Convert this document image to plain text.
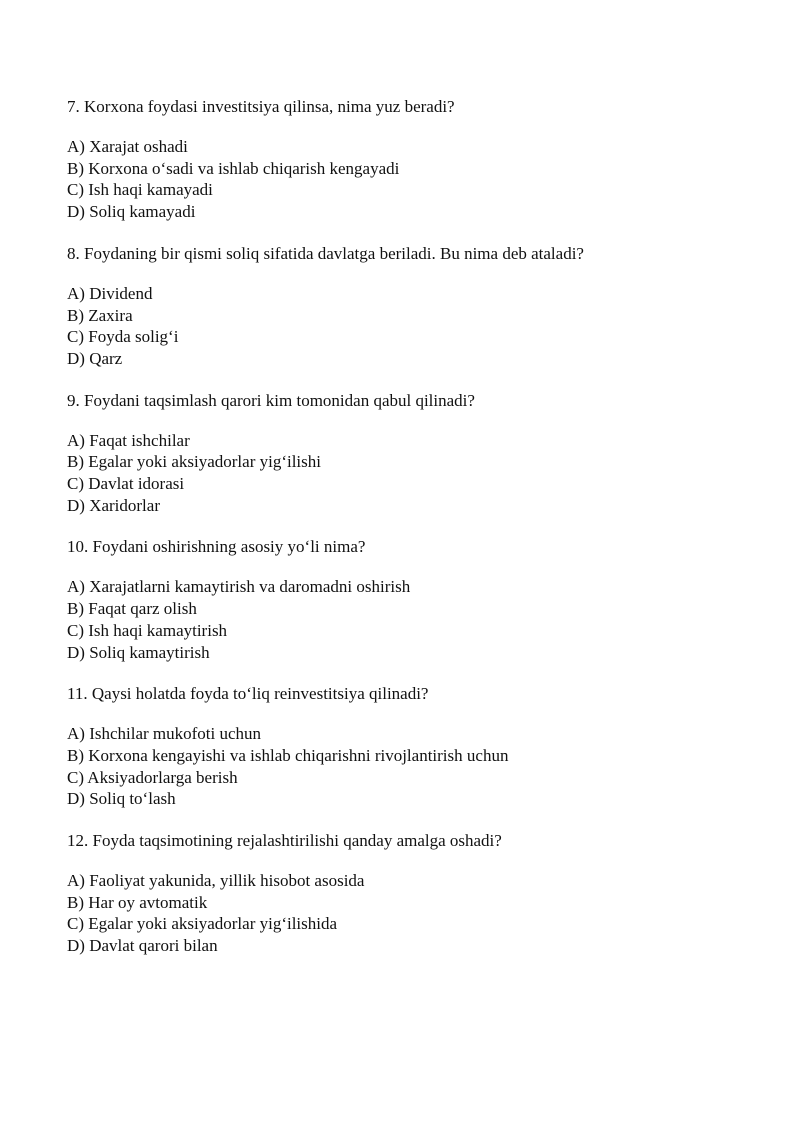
7. Korxona foydasi investitsiya qilinsa, nima yuz beradi?

A) Xarajat oshadi
B) Korxona o‘sadi va ishlab chiqarish kengayadi
C) Ish haqi kamayadi
D) Soliq kamayadi

8. Foydaning bir qismi soliq sifatida davlatga beriladi. Bu nima deb ataladi?

A) Dividend
B) Zaxira
C) Foyda solig‘i
D) Qarz

9. Foydani taqsimlash qarori kim tomonidan qabul qilinadi?

A) Faqat ishchilar
B) Egalar yoki aksiyadorlar yig‘ilishi
C) Davlat idorasi
D) Xaridorlar

10. Foydani oshirishning asosiy yo‘li nima?

A) Xarajatlarni kamaytirish va daromadni oshirish
B) Faqat qarz olish
C) Ish haqi kamaytirish
D) Soliq kamaytirish

11. Qaysi holatda foyda to‘liq reinvestitsiya qilinadi?

A) Ishchilar mukofoti uchun
B) Korxona kengayishi va ishlab chiqarishni rivojlantirish uchun
C) Aksiyadorlarga berish
D) Soliq to‘lash

12. Foyda taqsimotining rejalashtirilishi qanday amalga oshadi?

A) Faoliyat yakunida, yillik hisobot asosida
B) Har oy avtomatik
C) Egalar yoki aksiyadorlar yig‘ilishida
D) Davlat qarori bilan
